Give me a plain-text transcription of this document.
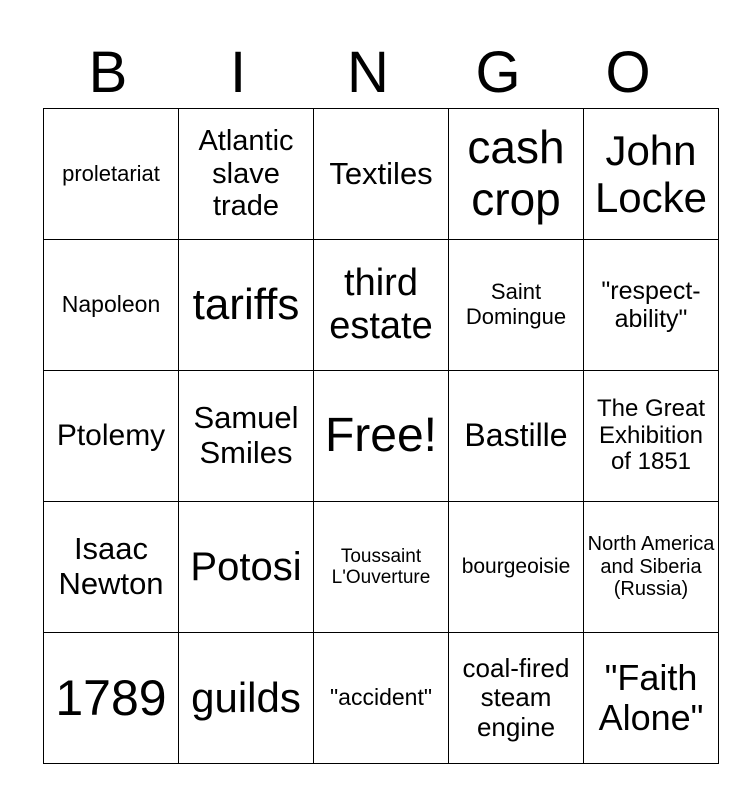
B	I	N	G	O
proletariat	Atlantic slave trade	Textiles	cash crop	John Locke
Napoleon	tariffs	third estate	Saint Domingue	"respect-ability"
Ptolemy	Samuel Smiles	Free!	Bastille	The Great Exhibition of 1851
Isaac Newton	Potosi	Toussaint L'Ouverture	bourgeoisie	North America and Siberia (Russia)
1789	guilds	"accident"	coal-fired steam engine	"Faith Alone"
